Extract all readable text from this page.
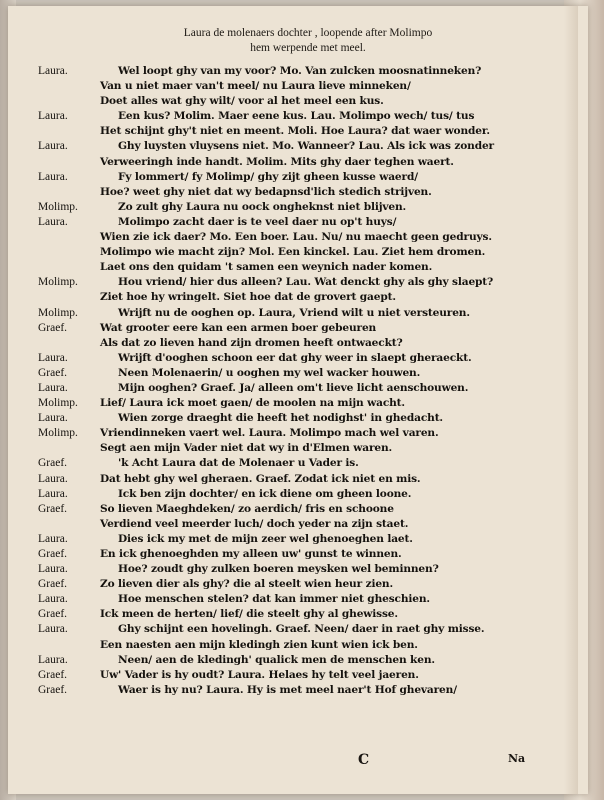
Laura de molenaers dochter , loopende after Molimpo
hem werpende met meel.
Laura.	Wel loopt ghy van my voor? Mo. Van zulcken moosnatinneken?
Van u niet maer van't meel/ nu Laura lieve minneken/
Doet alles wat ghy wilt/ voor al het meel een kus.
Laura.	Een kus? Molim. Maer eene kus. Lau. Molimpo wech/ tus/ tus
Het schijnt ghy't niet en meent. Moli. Hoe Laura? dat waer wonder.
Laura.	Ghy luysten vluysens niet. Mo. Wanneer? Lau. Als ick was zonder
Verweeringh inde handt. Molim. Mits ghy daer teghen waert.
Laura.	Fy lommert/ fy Molimp/ ghy zijt gheen kusse waerd/
Hoe? weet ghy niet dat wy bedapnsd'lich stedich strijven.
Molimp.	Zo zult ghy Laura nu oock ongheknst niet blijven.
Laura.	Molimpo zacht daer is te veel daer nu op't huys/
Wien zie ick daer? Mo. Een boer. Lau. Nu/ nu maecht geen gedruys.
Molimpo wie macht zijn? Mol. Een kinckel. Lau. Ziet hem dromen.
Laet ons den quidam 't samen een weynich nader komen.
Molimp.	Hou vriend/ hier dus alleen? Lau. Wat denckt ghy als ghy slaept?
Ziet hoe hy wringelt. Siet hoe dat de grovert gaept.
Molimp.	Wrijft nu de ooghen op. Laura, Vriend wilt u niet versteuren.
Graef.	Wat grooter eere kan een armen boer gebeuren
Als dat zo lieven hand zijn dromen heeft ontwaeckt?
Laura.	Wrijft d'ooghen schoon eer dat ghy weer in slaept gheraeckt.
Graef.	Neen Molenaerin/ u ooghen my wel wacker houwen.
Laura.	Mijn ooghen? Graef. Ja/ alleen om't lieve licht aenschouwen.
Molimp.	Lief/ Laura ick moet gaen/ de moolen na mijn wacht.
Laura.	Wien zorge draeght die heeft het nodighst' in ghedacht.
Molimp.	Vriendinneken vaert wel. Laura. Molimpo mach wel varen.
Segt aen mijn Vader niet dat wy in d'Elmen waren.
Graef.	'k Acht Laura dat de Molenaer u Vader is.
Laura.	Dat hebt ghy wel gheraen. Graef. Zodat ick niet en mis.
Laura.	Ick ben zijn dochter/ en ick diene om gheen loone.
Graef.	So lieven Maeghdeken/ zo aerdich/ fris en schoone
Verdiend veel meerder luch/ doch yeder na zijn staet.
Laura.	Dies ick my met de mijn zeer wel ghenoeghen laet.
Graef.	En ick ghenoeghden my alleen uw' gunst te winnen.
Laura.	Hoe? zoudt ghy zulken boeren meysken wel beminnen?
Graef.	Zo lieven dier als ghy? die al steelt wien heur zien.
Laura.	Hoe menschen stelen? dat kan immer niet gheschien.
Graef.	Ick meen de herten/ lief/ die steelt ghy al ghewisse.
Laura.	Ghy schijnt een hovelingh. Graef. Neen/ daer in raet ghy misse.
Een naesten aen mijn kledingh zien kunt wien ick ben.
Laura.	Neen/ aen de kledingh' qualick men de menschen ken.
Graef.	Uw' Vader is hy oudt? Laura. Helaes hy telt veel jaeren.
Graef.	Waer is hy nu? Laura. Hy is met meel naer't Hof ghevaren/
C	Na
